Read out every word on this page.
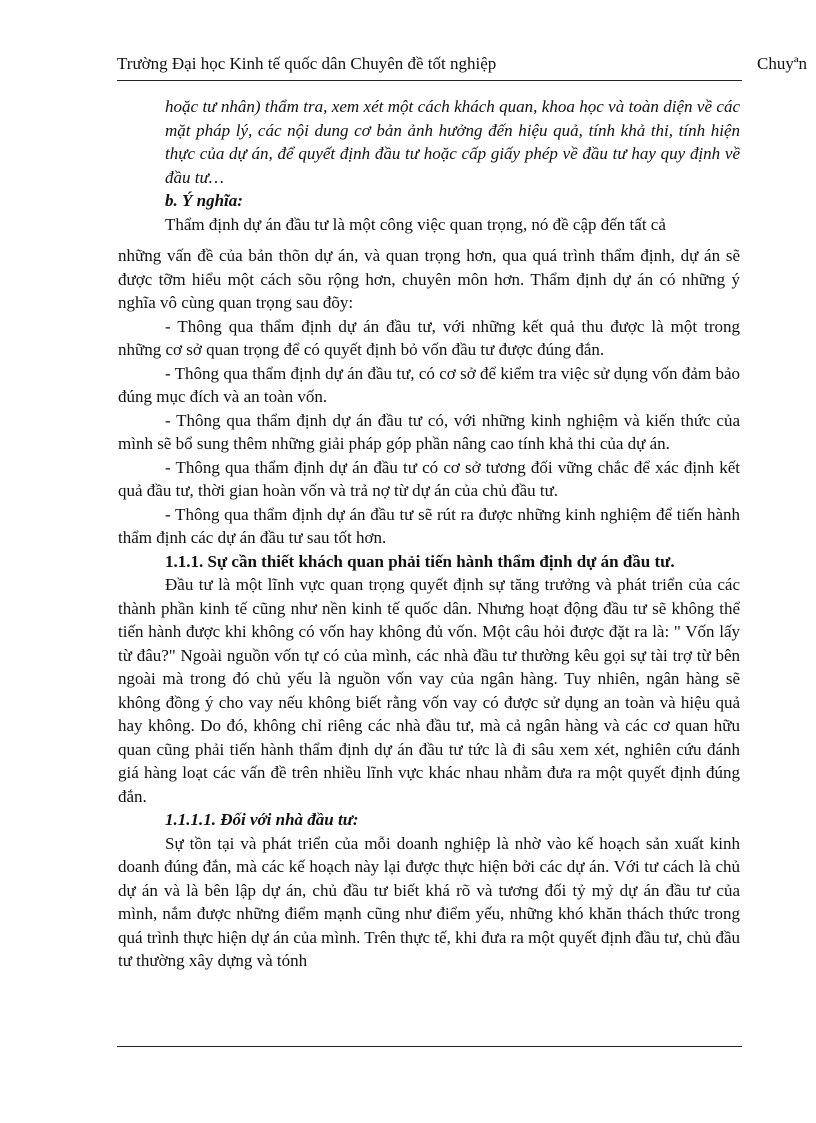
Trường Đại học Kinh tế quốc dân Chuyên đề tốt nghiệp	Chuyªn

hoặc tư nhân) thẩm tra, xem xét một cách khách quan, khoa học và toàn diện về các mặt pháp lý, các nội dung cơ bản ảnh hưởng đến hiệu quả, tính khả thi, tính hiện thực của dự án, để quyết định đầu tư hoặc cấp giấy phép về đầu tư hay quy định về đầu tư…

b. Ý nghĩa:

Thẩm định dự án đầu tư là một công việc quan trọng, nó đề cập đến tất cả

những vấn đề của bản thõn dự án, và quan trọng hơn, qua quá trình thẩm định, dự án sẽ được tỡm hiểu một cách sõu rộng hơn, chuyên môn hơn. Thẩm định dự án có những ý nghĩa vô cùng quan trọng sau đõy:

- Thông qua thẩm định dự án đầu tư, với những kết quả thu được là một trong những cơ sở quan trọng để có quyết định bỏ vốn đầu tư được đúng đắn.

- Thông qua thẩm định dự án đầu tư, có cơ sở để kiểm tra việc sử dụng vốn đảm bảo đúng mục đích và an toàn vốn.

- Thông qua thẩm định dự án đầu tư có, với những kinh nghiệm và kiến thức của mình sẽ bổ sung thêm những giải pháp góp phần nâng cao tính khả thi của dự án.

- Thông qua thẩm định dự án đầu tư có cơ sở tương đối vững chắc để xác định kết quả đầu tư, thời gian hoàn vốn và trả nợ từ dự án của chủ đầu tư.

- Thông qua thẩm định dự án đầu tư sẽ rút ra được những kinh nghiệm để tiến hành thẩm định các dự án đầu tư sau tốt hơn.

1.1.1. Sự cần thiết khách quan phải tiến hành thẩm định dự án đầu tư.

Đầu tư là một lĩnh vực quan trọng quyết định sự tăng trưởng và phát triển của các thành phần kinh tế cũng như nền kinh tế quốc dân. Nhưng hoạt động đầu tư sẽ không thể tiến hành được khi không có vốn hay không đủ vốn. Một câu hỏi được đặt ra là: " Vốn lấy từ đâu?" Ngoài nguồn vốn tự có của mình, các nhà đầu tư thường kêu gọi sự tài trợ từ bên ngoài mà trong đó chủ yếu là nguồn vốn vay của ngân hàng. Tuy nhiên, ngân hàng sẽ không đồng ý cho vay nếu không biết rằng vốn vay có được sử dụng an toàn và hiệu quả hay không. Do đó, không chỉ riêng các nhà đầu tư, mà cả ngân hàng và các cơ quan hữu quan cũng phải tiến hành thẩm định dự án đầu tư tức là đi sâu xem xét, nghiên cứu đánh giá hàng loạt các vấn đề trên nhiều lĩnh vực khác nhau nhằm đưa ra một quyết định đúng đắn.

1.1.1.1. Đối với nhà đầu tư:

Sự tồn tại và phát triển của mỗi doanh nghiệp là nhờ vào kế hoạch sản xuất kinh doanh đúng đắn, mà các kế hoạch này lại được thực hiện bởi các dự án. Với tư cách là chủ dự án và là bên lập dự án, chủ đầu tư biết khá rõ và tương đối tỷ mỷ dự án đầu tư của mình, nắm được những điểm mạnh cũng như điểm yếu, những khó khăn thách thức trong quá trình thực hiện dự án của mình. Trên thực tế, khi đưa ra một quyết định đầu tư, chủ đầu tư thường xây dựng và tónh
